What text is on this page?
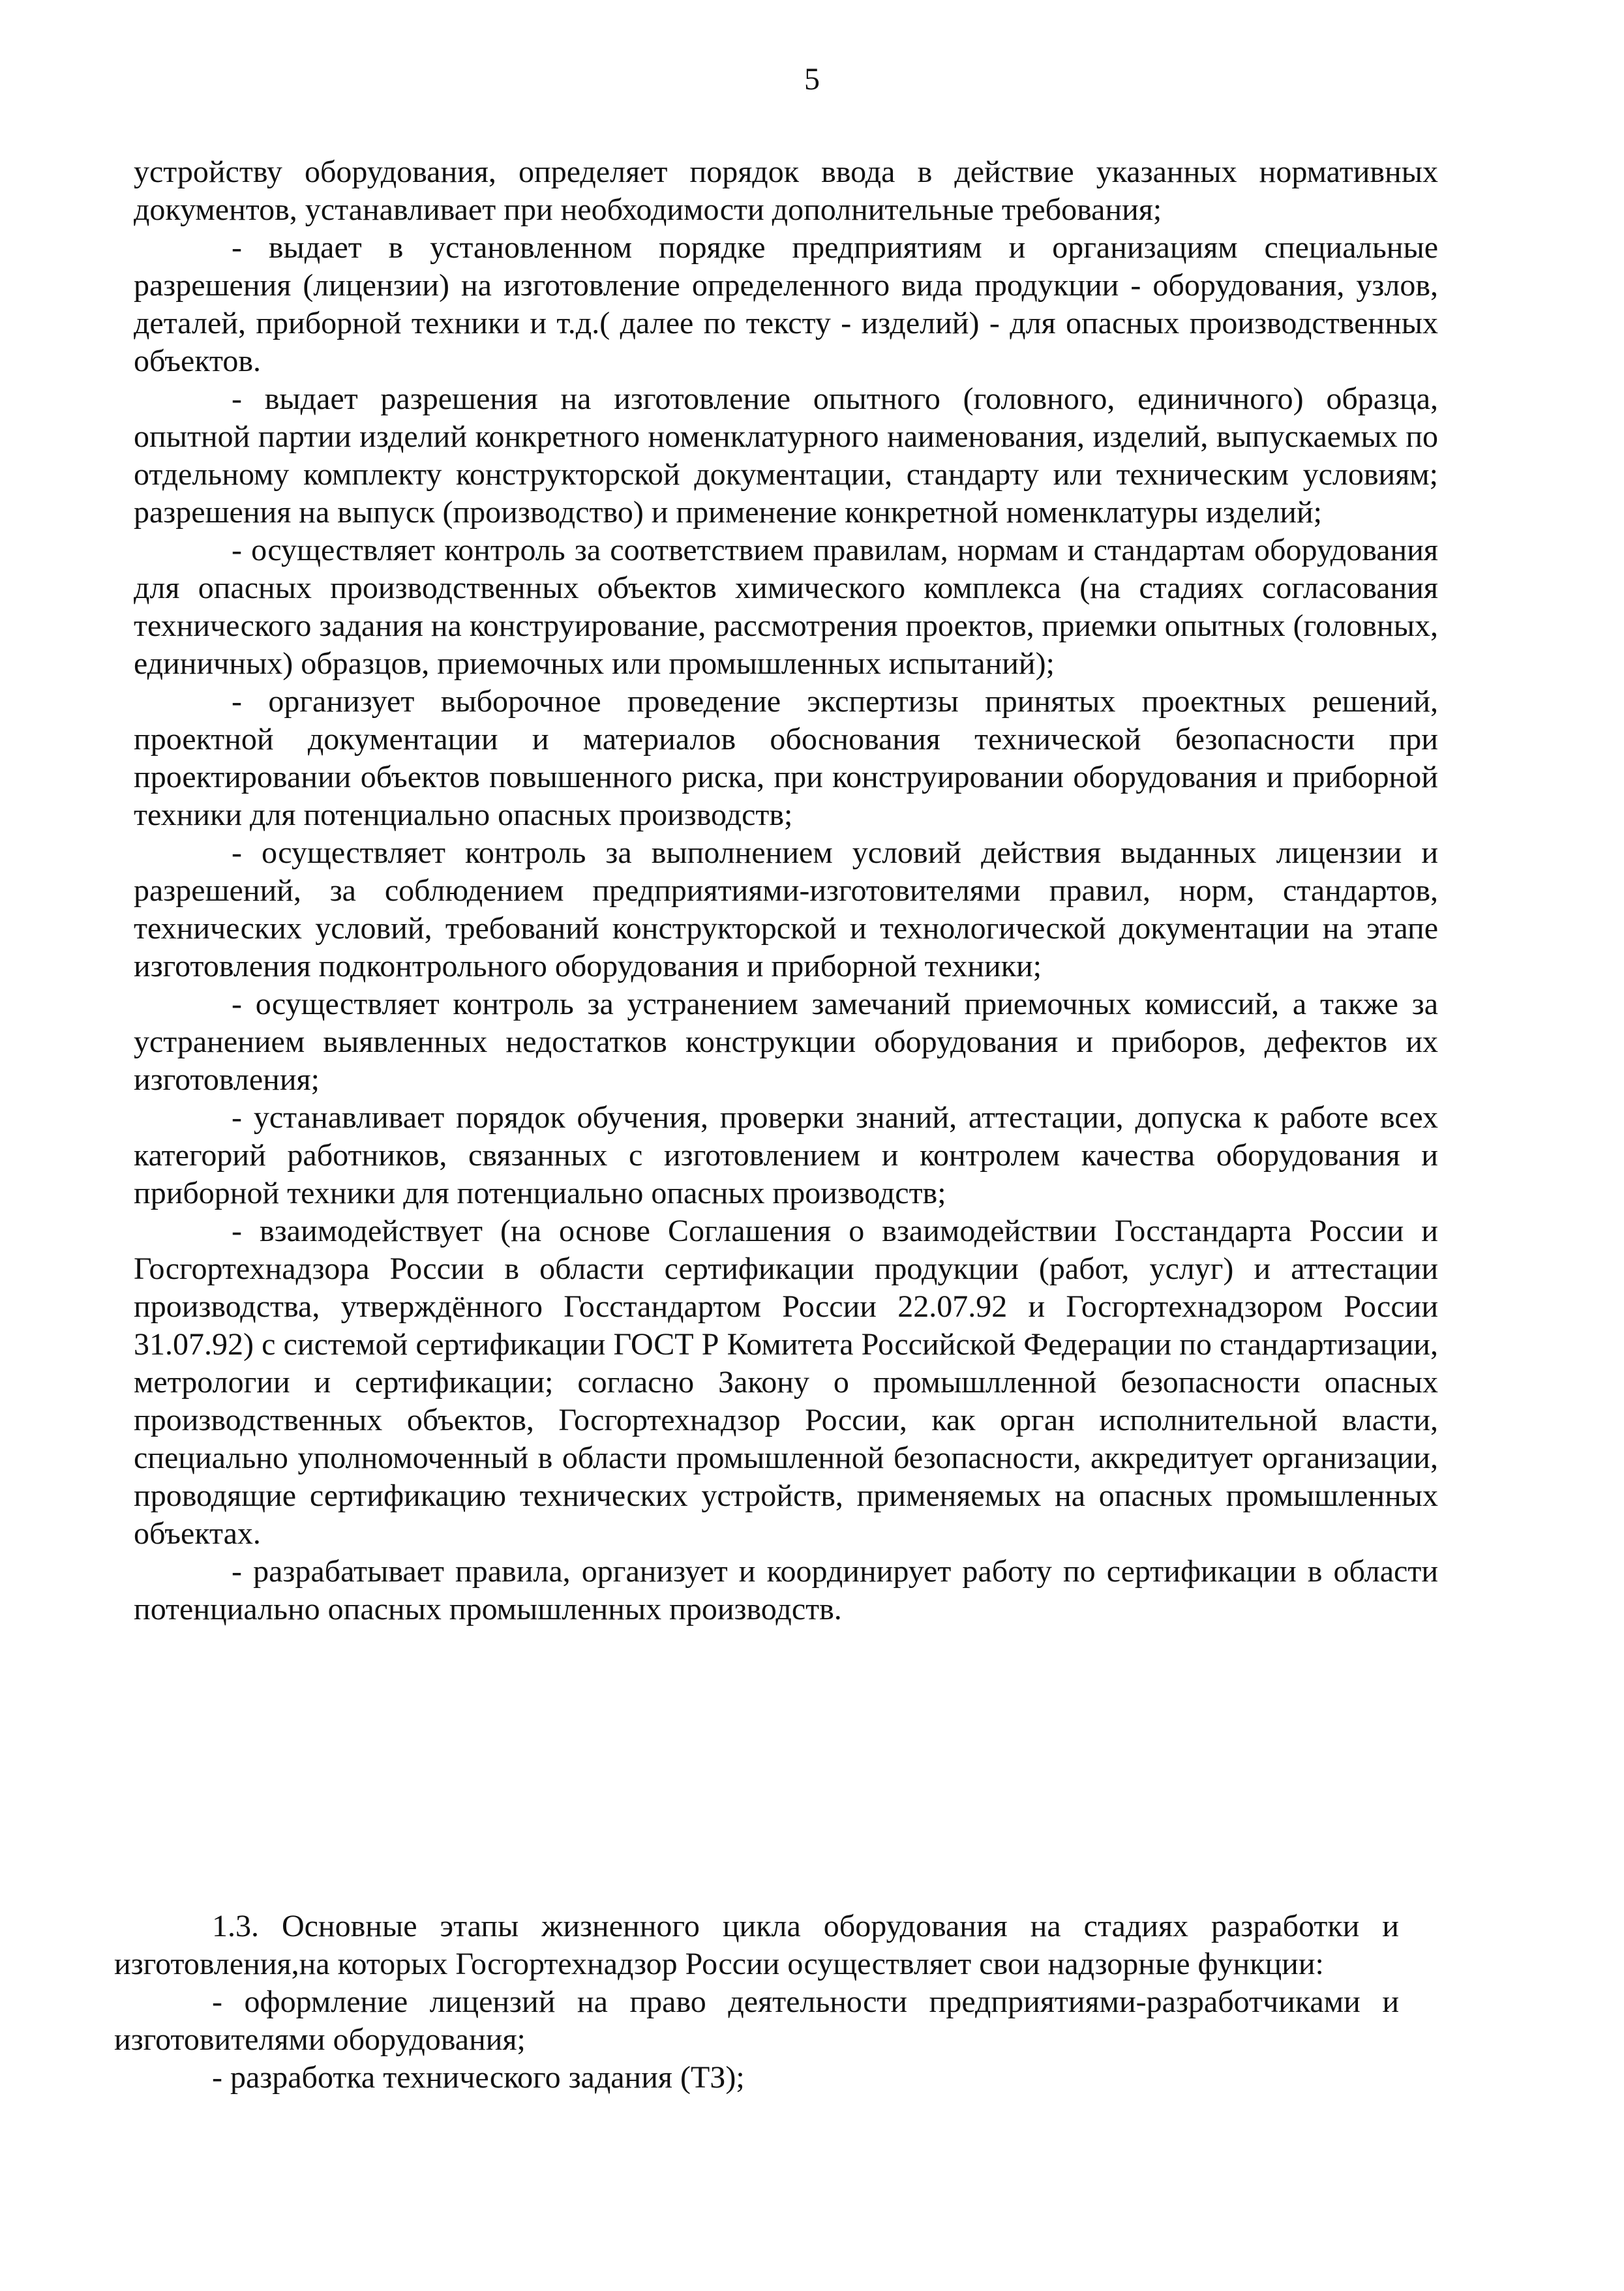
5

устройству оборудования, определяет порядок ввода в действие указанных нормативных документов, устанавливает при необходимости дополнительные требования;

- выдает в установленном порядке предприятиям и организациям специальные разрешения (лицензии) на изготовление определенного вида продукции - оборудования, узлов, деталей, приборной техники и т.д.( далее по тексту - изделий) - для опасных производственных объектов.

- выдает разрешения на изготовление опытного (головного, единичного) образца, опытной партии изделий конкретного номенклатурного наименования, изделий, выпускаемых по отдельному комплекту конструкторской документации, стандарту или техническим условиям; разрешения на выпуск (производство) и применение конкретной номенклатуры изделий;

- осуществляет контроль за соответствием правилам, нормам и стандартам оборудования для опасных производственных объектов химического комплекса (на стадиях согласования технического задания на конструирование, рассмотрения проектов, приемки опытных (головных, единичных) образцов, приемочных или промышленных испытаний);

- организует выборочное проведение экспертизы принятых проектных решений, проектной документации и материалов обоснования технической безопасности при проектировании объектов повышенного риска, при конструировании оборудования и приборной техники для потенциально опасных производств;

- осуществляет контроль за выполнением условий действия выданных лицензии и разрешений, за соблюдением предприятиями-изготовителями правил, норм, стандартов, технических условий, требований конструкторской и технологической документации на этапе изготовления подконтрольного оборудования и приборной техники;

- осуществляет контроль за устранением замечаний приемочных комиссий, а также за устранением выявленных недостатков конструкции оборудования и приборов, дефектов их изготовления;

- устанавливает порядок обучения, проверки знаний, аттестации, допуска к работе всех категорий работников, связанных с изготовлением и контролем качества оборудования и приборной техники для потенциально опасных производств;

- взаимодействует (на основе Соглашения о взаимодействии Госстандарта России и Госгортехнадзора России в области сертификации продукции (работ, услуг) и аттестации производства, утверждённого Госстандартом России 22.07.92 и Госгортехнадзором России 31.07.92) с системой сертификации ГОСТ Р Комитета Российской Федерации по стандартизации, метрологии и сертификации; согласно Закону о промышлленной безопасности опасных производственных объектов, Госгортехнадзор России, как орган исполнительной власти, специально уполномоченный в области промышленной безопасности, аккредитует организации, проводящие сертификацию технических устройств, применяемых на опасных промышленных объектах.

- разрабатывает правила, организует и координирует работу по сертификации в области потенциально опасных промышленных производств.

1.3. Основные этапы жизненного цикла оборудования на стадиях разработки и изготовления,на которых Госгортехнадзор России осуществляет свои надзорные функции:

- оформление лицензий на право деятельности предприятиями-разработчиками и изготовителями оборудования;

- разработка технического задания (ТЗ);
